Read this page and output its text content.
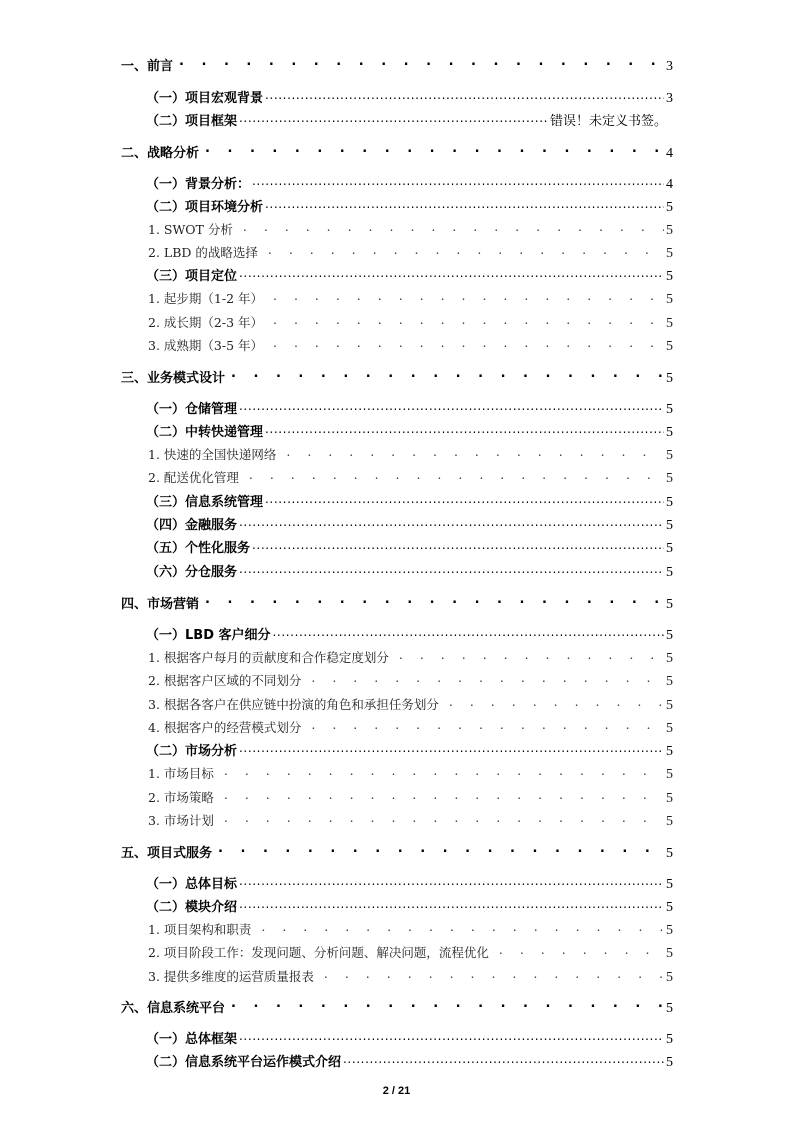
一、前言 . . .	3
（一）项目宏观背景 .....	3
（二）项目框架 .....	错误！未定义书签。
二、战略分析 . . .	4
（一）背景分析： .....	4
（二）项目环境分析 .....	5
1. SWOT 分析 . . .	5
2. LBD 的战略选择 . . .	5
（三）项目定位 .....	5
1. 起步期（1-2 年） . . .	5
2. 成长期（2-3 年） . . .	5
3. 成熟期（3-5 年） . . .	5
三、业务模式设计 . . .	5
（一）仓储管理 .....	5
（二）中转快递管理 .....	5
1. 快速的全国快递网络 . . .	5
2. 配送优化管理 . . .	5
（三）信息系统管理 .....	5
（四）金融服务 .....	5
（五）个性化服务 .....	5
（六）分仓服务 .....	5
四、市场营销 . . .	5
（一）LBD 客户细分 .....	5
1. 根据客户每月的贡献度和合作稳定度划分 . . .	5
2. 根据客户区域的不同划分 . . .	5
3. 根据各客户在供应链中扮演的角色和承担任务划分 . . .	5
4. 根据客户的经营模式划分 . . .	5
（二）市场分析 .....	5
1. 市场目标 . . .	5
2. 市场策略 . . .	5
3. 市场计划 . . .	5
五、项目式服务 . . .	5
（一）总体目标 .....	5
（二）模块介绍 .....	5
1. 项目架构和职责 . . .	5
2. 项目阶段工作：发现问题、分析问题、解决问题，流程优化 . . .	5
3. 提供多维度的运营质量报表 . . .	5
六、信息系统平台 . . .	5
（一）总体框架 .....	5
（二）信息系统平台运作模式介绍 .....	5
2 / 21
